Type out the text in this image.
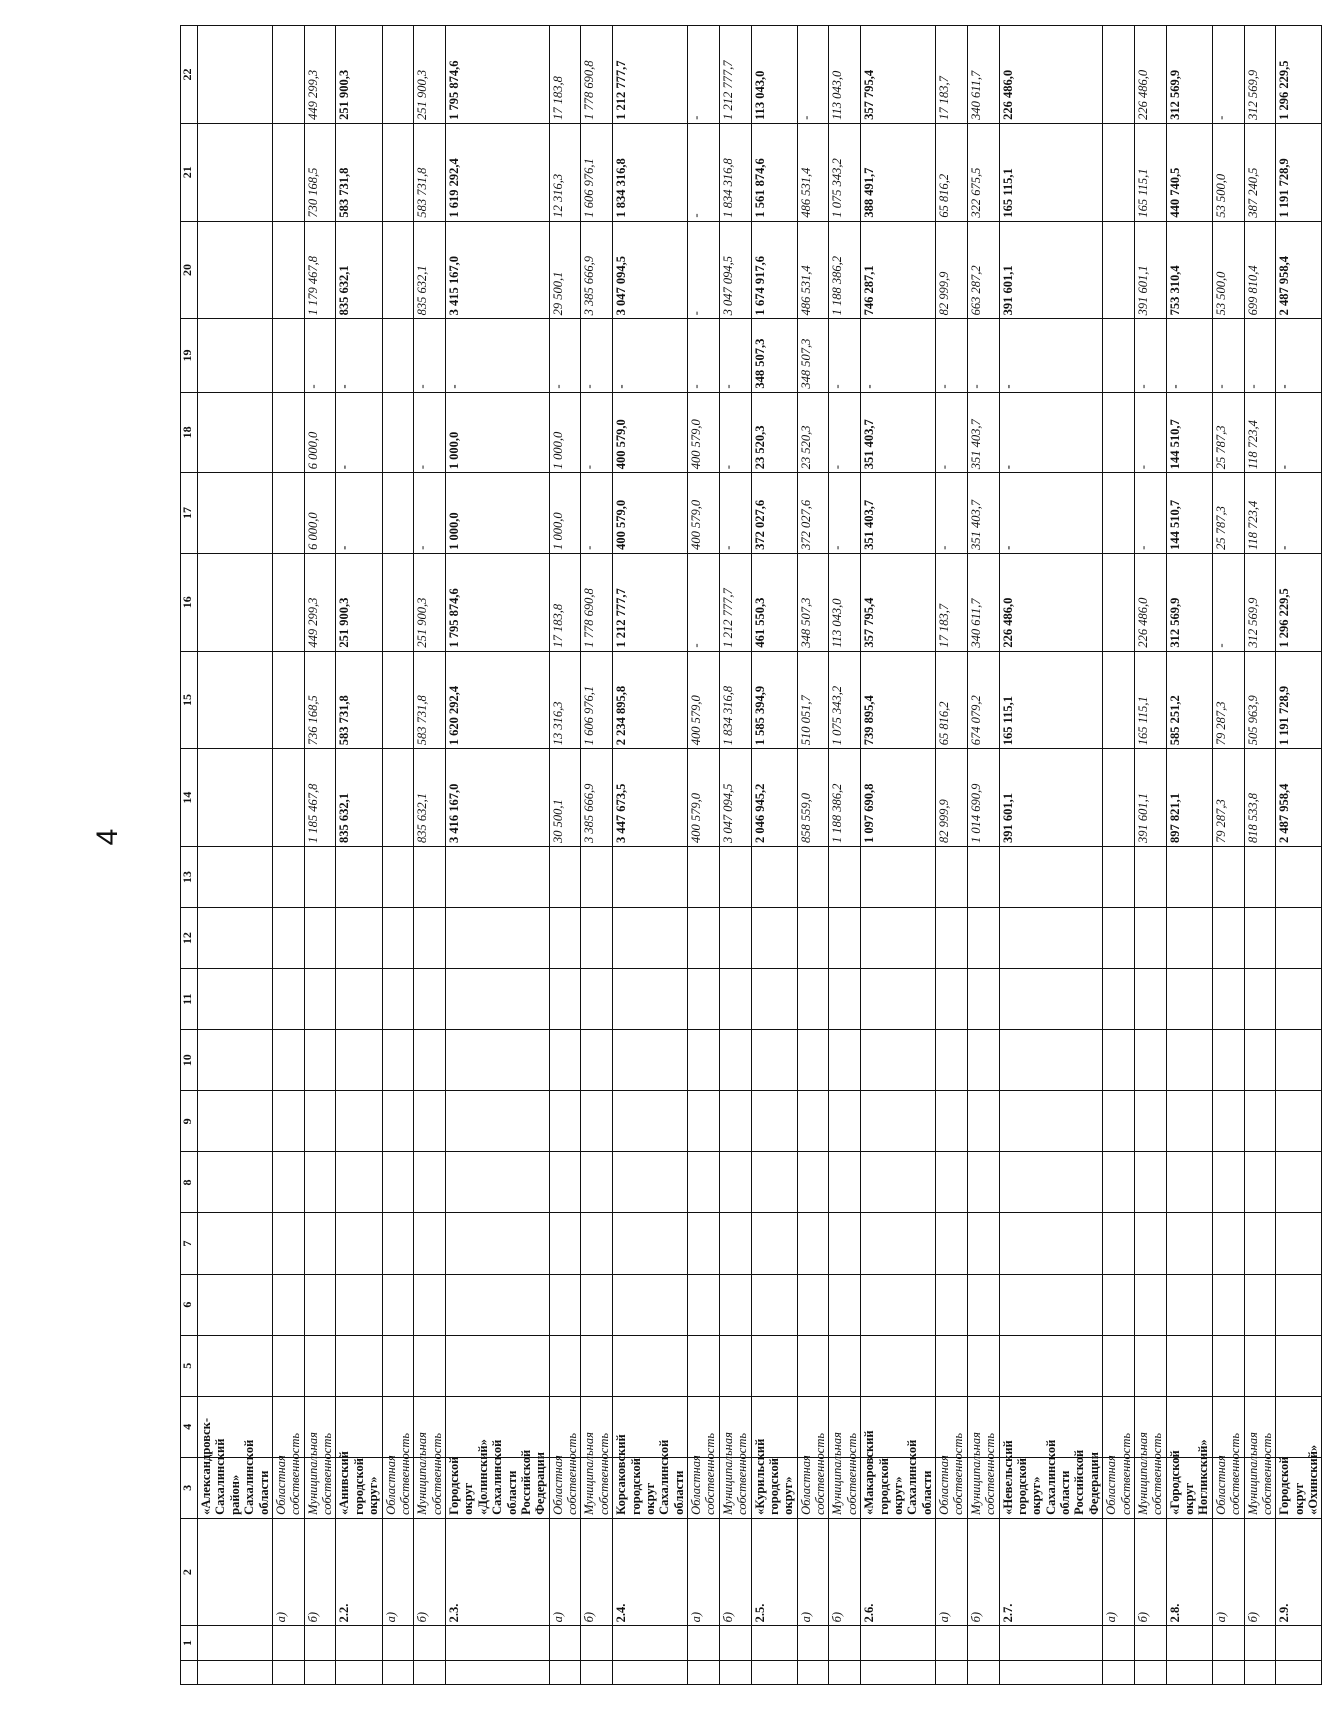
4
	1	2	3	4	5	6	7	8	9	10	11	12	13	14	15	16	17	18	19	20	21	22
			«Александровск-Сахалинский район» Сахалинской области																			
		а)	Областная собственность																			
		б)	Муниципальная собственность											1 185 467,8	736 168,5	449 299,3	6 000,0	6 000,0	-	1 179 467,8	730 168,5	449 299,3
		2.2.	«Анивский городской округ»											835 632,1	583 731,8	251 900,3	-	-	-	835 632,1	583 731,8	251 900,3
		а)	Областная собственность																			
		б)	Муниципальная собственность											835 632,1	583 731,8	251 900,3	-	-	-	835 632,1	583 731,8	251 900,3
		2.3.	Городской округ «Долинский» Сахалинской области Российской Федерации											3 416 167,0	1 620 292,4	1 795 874,6	1 000,0	1 000,0	-	3 415 167,0	1 619 292,4	1 795 874,6
		а)	Областная собственность											30 500,1	13 316,3	17 183,8	1 000,0	1 000,0	-	29 500,1	12 316,3	17 183,8
		б)	Муниципальная собственность											3 385 666,9	1 606 976,1	1 778 690,8	-	-	-	3 385 666,9	1 606 976,1	1 778 690,8
		2.4.	Корсаковский городской округ Сахалинской области											3 447 673,5	2 234 895,8	1 212 777,7	400 579,0	400 579,0	-	3 047 094,5	1 834 316,8	1 212 777,7
		а)	Областная собственность											400 579,0	400 579,0	-	400 579,0	400 579,0	-	-	-	-
		б)	Муниципальная собственность											3 047 094,5	1 834 316,8	1 212 777,7	-	-	-	3 047 094,5	1 834 316,8	1 212 777,7
		2.5.	«Курильский городской округ»											2 046 945,2	1 585 394,9	461 550,3	372 027,6	23 520,3	348 507,3	1 674 917,6	1 561 874,6	113 043,0
		а)	Областная собственность											858 559,0	510 051,7	348 507,3	372 027,6	23 520,3	348 507,3	486 531,4	486 531,4	-
		б)	Муниципальная собственность											1 188 386,2	1 075 343,2	113 043,0	-	-	-	1 188 386,2	1 075 343,2	113 043,0
		2.6.	«Макаровский городской округ» Сахалинской области											1 097 690,8	739 895,4	357 795,4	351 403,7	351 403,7	-	746 287,1	388 491,7	357 795,4
		а)	Областная собственность											82 999,9	65 816,2	17 183,7	-	-	-	82 999,9	65 816,2	17 183,7
		б)	Муниципальная собственность											1 014 690,9	674 079,2	340 611,7	351 403,7	351 403,7	-	663 287,2	322 675,5	340 611,7
		2.7.	«Невельский городской округ» Сахалинской области Российской Федерации											391 601,1	165 115,1	226 486,0	-	-	-	391 601,1	165 115,1	226 486,0
		а)	Областная собственность																			
		б)	Муниципальная собственность											391 601,1	165 115,1	226 486,0	-	-	-	391 601,1	165 115,1	226 486,0
		2.8.	«Городской округ Ногликский»											897 821,1	585 251,2	312 569,9	144 510,7	144 510,7	-	753 310,4	440 740,5	312 569,9
		а)	Областная собственность											79 287,3	79 287,3	-	25 787,3	25 787,3	-	53 500,0	53 500,0	-
		б)	Муниципальная собственность											818 533,8	505 963,9	312 569,9	118 723,4	118 723,4	-	699 810,4	387 240,5	312 569,9
		2.9.	Городской округ «Охинский»											2 487 958,4	1 191 728,9	1 296 229,5	-	-	-	2 487 958,4	1 191 728,9	1 296 229,5
